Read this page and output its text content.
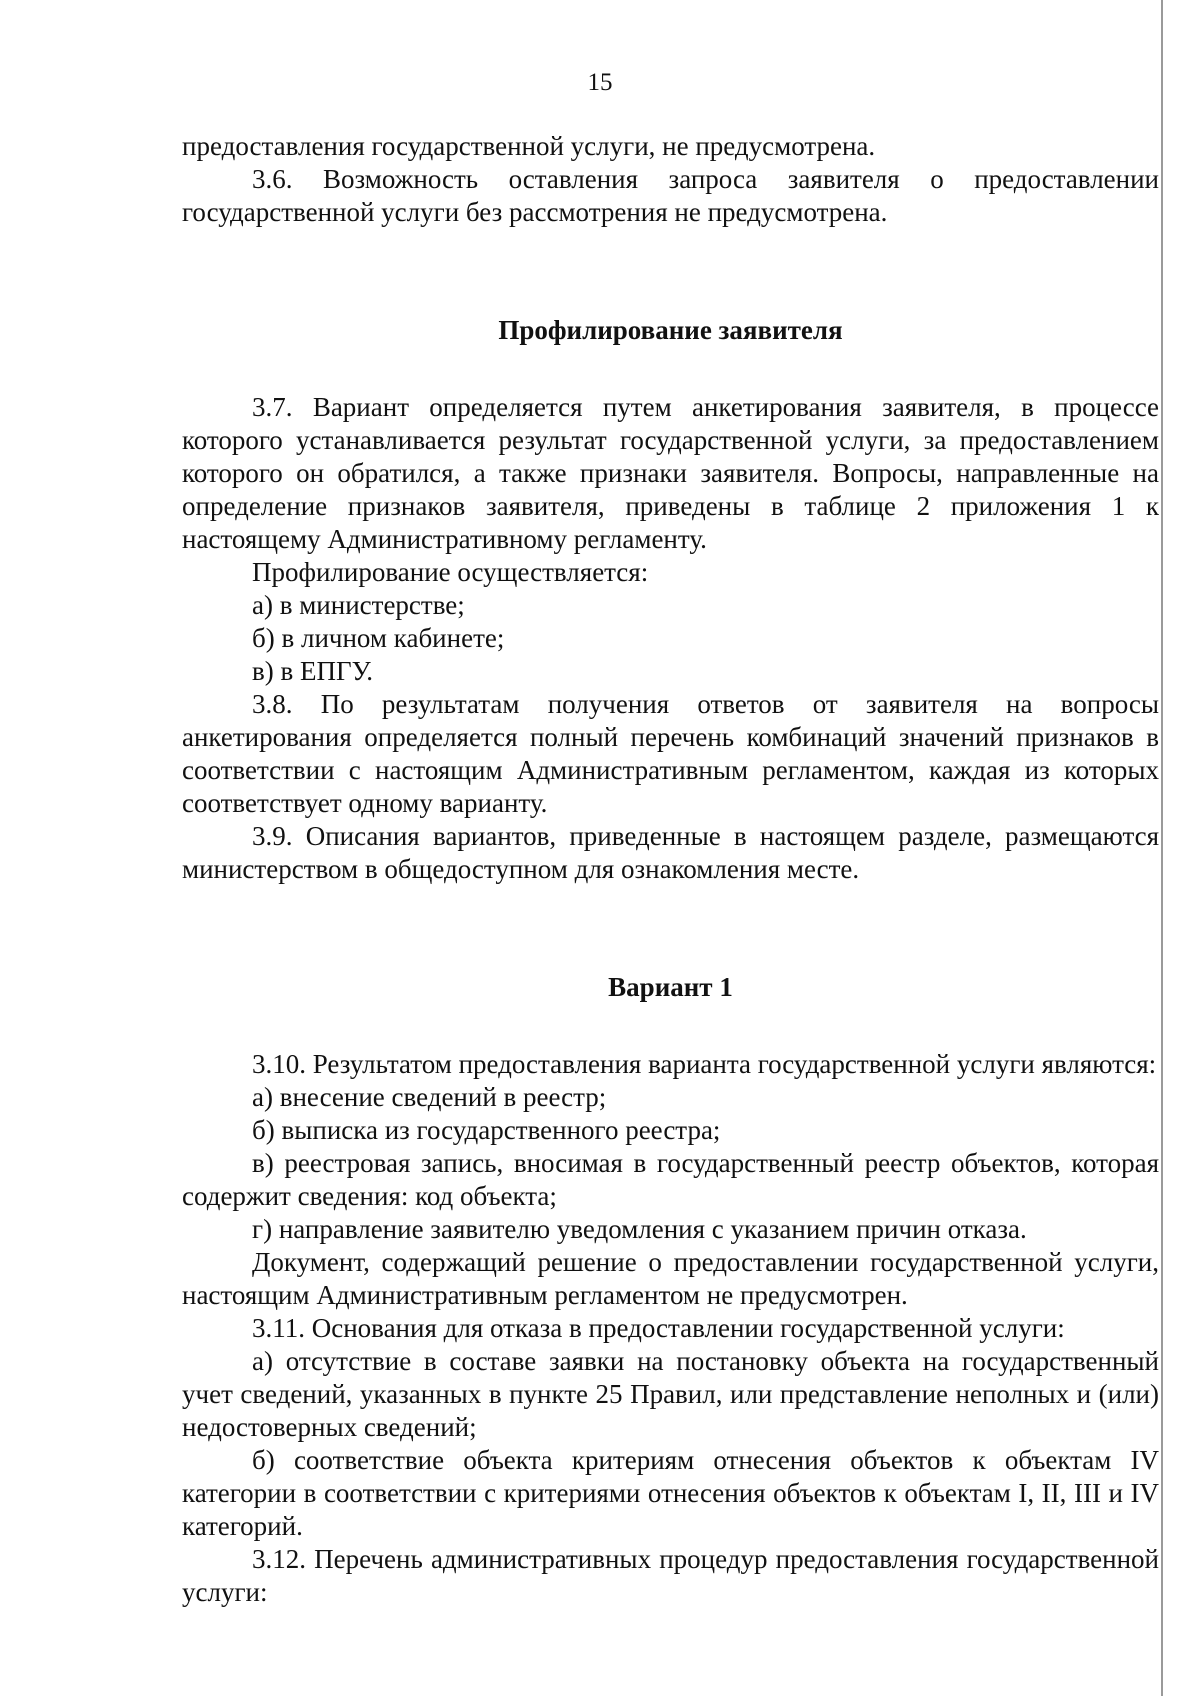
15

предоставления государственной услуги, не предусмотрена.

3.6. Возможность оставления запроса заявителя о предоставлении государственной услуги без рассмотрения не предусмотрена.

Профилирование заявителя

3.7. Вариант определяется путем анкетирования заявителя, в процессе которого устанавливается результат государственной услуги, за предоставлением которого он обратился, а также признаки заявителя. Вопросы, направленные на определение признаков заявителя, приведены в таблице 2 приложения 1 к настоящему Административному регламенту.

Профилирование осуществляется:

а) в министерстве;

б) в личном кабинете;

в) в ЕПГУ.

3.8. По результатам получения ответов от заявителя на вопросы анкетирования определяется полный перечень комбинаций значений признаков в соответствии с настоящим Административным регламентом, каждая из которых соответствует одному варианту.

3.9. Описания вариантов, приведенные в настоящем разделе, размещаются министерством в общедоступном для ознакомления месте.

Вариант 1

3.10. Результатом предоставления варианта государственной услуги являются:

а) внесение сведений в реестр;

б) выписка из государственного реестра;

в) реестровая запись, вносимая в государственный реестр объектов, которая содержит сведения: код объекта;

г) направление заявителю уведомления с указанием причин отказа.

Документ, содержащий решение о предоставлении государственной услуги, настоящим Административным регламентом не предусмотрен.

3.11. Основания для отказа в предоставлении государственной услуги:

а) отсутствие в составе заявки на постановку объекта на государственный учет сведений, указанных в пункте 25 Правил, или представление неполных и (или) недостоверных сведений;

б) соответствие объекта критериям отнесения объектов к объектам IV категории в соответствии с критериями отнесения объектов к объектам I, II, III и IV категорий.

3.12. Перечень административных процедур предоставления государственной услуги:
